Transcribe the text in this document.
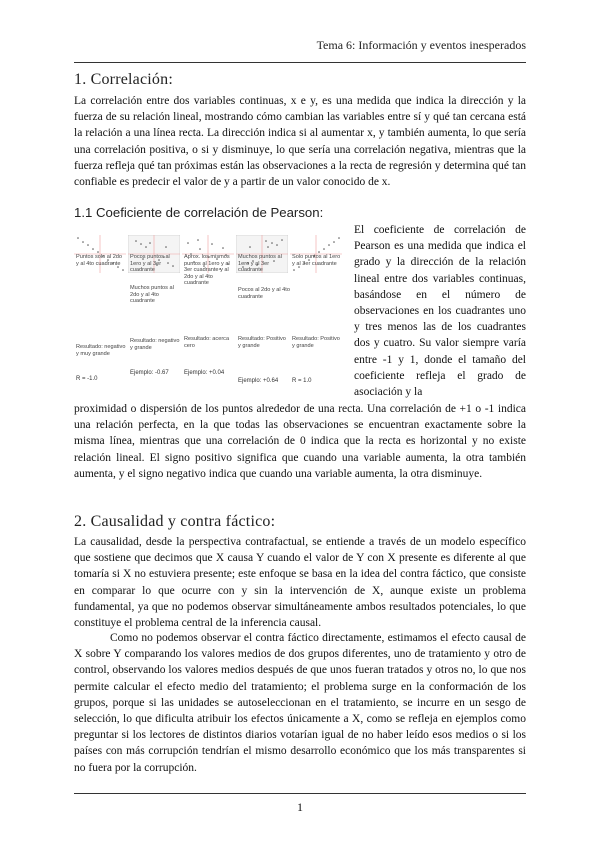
Tema 6: Información y eventos inesperados
1. Correlación:

La correlación entre dos variables continuas, x e y, es una medida que indica la dirección y la fuerza de su relación lineal, mostrando cómo cambian las variables entre sí y qué tan cercana está la relación a una línea recta. La dirección indica si al aumentar x, y también aumenta, lo que sería una correlación positiva, o si y disminuye, lo que sería una correlación negativa, mientras que la fuerza refleja qué tan próximas están las observaciones a la recta de regresión y determina qué tan confiable es predecir el valor de y a partir de un valor conocido de x.

1.1 Coeficiente de correlación de Pearson:
Puntos solo al 2do y al 4to cuadrante
Resultado: negativo y muy grande
R = -1.0
Pocos puntos al 1ero y al 3er cuadrante
Muchos puntos al 2do y al 4to cuadrante
Resultado: negativo y grande
Ejemplo: -0.67
Aprox. los mismos puntos al 1ero y al 3er cuadrante y al 2do y al 4to cuadrante
Resultado: acerca cero
Ejemplo: +0.04
Muchos puntos al 1ero y al 3er cuadrante
Pocos al 2do y al 4to cuadrante
Resultado: Positivo y grande
Ejemplo: +0.64
Solo puntos al 1ero y al 3er cuadrante
Resultado: Positivo y grande
R = 1.0

El coeficiente de correlación de Pearson es una medida que indica el grado y la dirección de la relación lineal entre dos variables continuas, basándose en el número de observaciones en los cuadrantes uno y tres menos las de los cuadrantes dos y cuatro. Su valor siempre varía entre -1 y 1, donde el tamaño del coeficiente refleja el grado de asociación y la

proximidad o dispersión de los puntos alrededor de una recta. Una correlación de +1 o -1 indica una relación perfecta, en la que todas las observaciones se encuentran exactamente sobre la misma línea, mientras que una correlación de 0 indica que la recta es horizontal y no existe relación lineal. El signo positivo significa que cuando una variable aumenta, la otra también aumenta, y el signo negativo indica que cuando una variable aumenta, la otra disminuye.

2. Causalidad y contra fáctico:

La causalidad, desde la perspectiva contrafactual, se entiende a través de un modelo específico que sostiene que decimos que X causa Y cuando el valor de Y con X presente es diferente al que tomaría si X no estuviera presente; este enfoque se basa en la idea del contra fáctico, que consiste en comparar lo que ocurre con y sin la intervención de X, aunque existe un problema fundamental, ya que no podemos observar simultáneamente ambos resultados potenciales, lo que constituye el problema central de la inferencia causal.

Como no podemos observar el contra fáctico directamente, estimamos el efecto causal de X sobre Y comparando los valores medios de dos grupos diferentes, uno de tratamiento y otro de control, observando los valores medios después de que unos fueran tratados y otros no, lo que nos permite calcular el efecto medio del tratamiento; el problema surge en la conformación de los grupos, porque si las unidades se autoseleccionan en el tratamiento, se incurre en un sesgo de selección, lo que dificulta atribuir los efectos únicamente a X, como se refleja en ejemplos como preguntar si los lectores de distintos diarios votarían igual de no haber leído esos medios o si los países con más corrupción tendrían el mismo desarrollo económico que los más transparentes si no fuera por la corrupción.

1
